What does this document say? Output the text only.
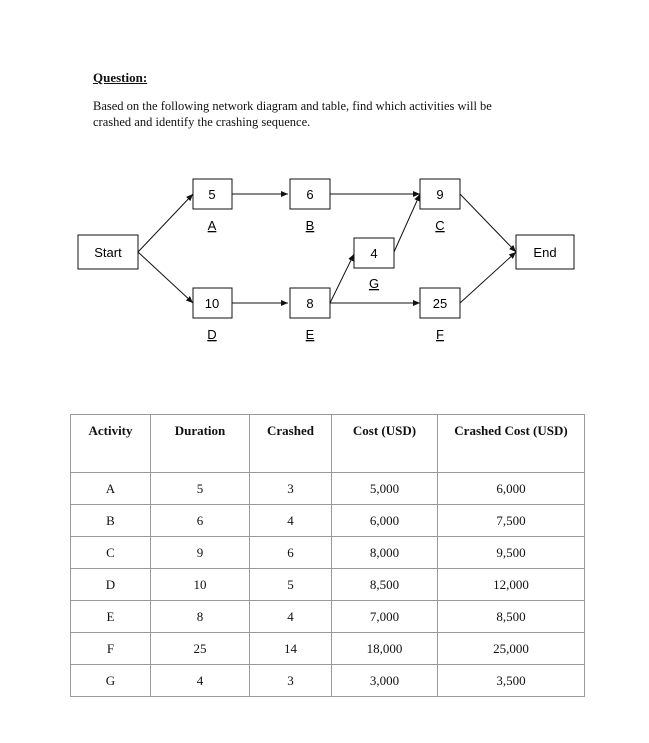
Question:
Based on the following network diagram and table, find which activities will be
crashed and identify the crashing sequence.
Start	End
5
A
6
B
9
C
10
D
8
E
25
F
4
G
Activity	Duration	Crashed	Cost (USD)	Crashed Cost (USD)
A	5	3	5,000	6,000
B	6	4	6,000	7,500
C	9	6	8,000	9,500
D	10	5	8,500	12,000
E	8	4	7,000	8,500
F	25	14	18,000	25,000
G	4	3	3,000	3,500
